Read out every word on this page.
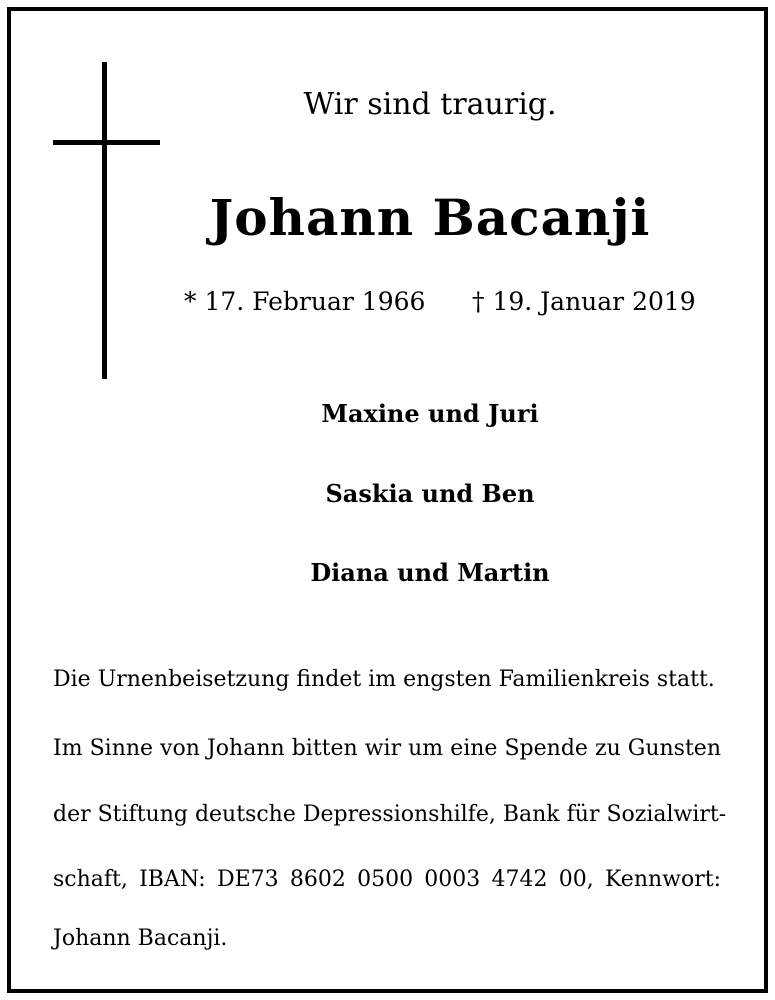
Wir sind traurig.
Johann Bacanji
* 17. Februar 1966 † 19. Januar 2019
Maxine und Juri
Saskia und Ben
Diana und Martin
Die Urnenbeisetzung findet im engsten Familienkreis statt.
Im Sinne von Johann bitten wir um eine Spende zu Gunsten
der Stiftung deutsche Depressionshilfe, Bank für Sozialwirt-
schaft, IBAN: DE73 8602 0500 0003 4742 00, Kennwort:
Johann Bacanji.
